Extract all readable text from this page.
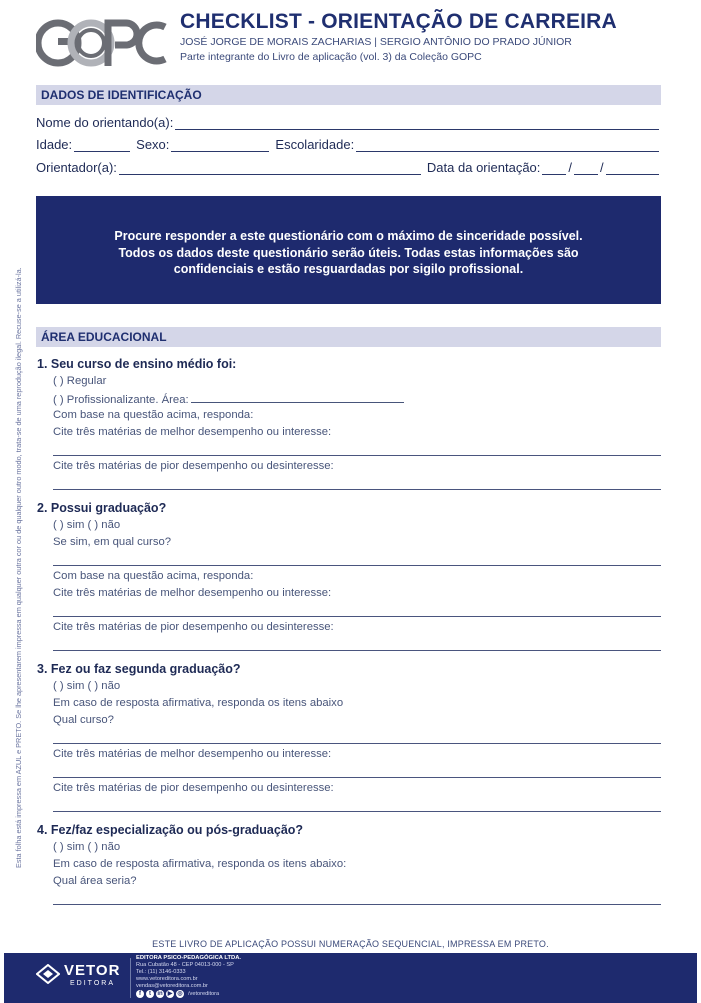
CHECKLIST - ORIENTAÇÃO DE CARREIRA
JOSÉ JORGE DE MORAIS ZACHARIAS | SERGIO ANTÔNIO DO PRADO JÚNIOR
Parte integrante do Livro de aplicação (vol. 3) da Coleção GOPC
DADOS DE IDENTIFICAÇÃO
Nome do orientando(a):
Idade:	Sexo:	Escolaridade:
Orientador(a):	Data da orientação: / /
Procure responder a este questionário com o máximo de sinceridade possível.
Todos os dados deste questionário serão úteis. Todas estas informações são
confidenciais e estão resguardadas por sigilo profissional.
ÁREA EDUCACIONAL
1. Seu curso de ensino médio foi:
( ) Regular
( ) Profissionalizante. Área:
Com base na questão acima, responda:
Cite três matérias de melhor desempenho ou interesse:
Cite três matérias de pior desempenho ou desinteresse:
2. Possui graduação?
( ) sim ( ) não
Se sim, em qual curso?
Com base na questão acima, responda:
Cite três matérias de melhor desempenho ou interesse:
Cite três matérias de pior desempenho ou desinteresse:
3. Fez ou faz segunda graduação?
( ) sim ( ) não
Em caso de resposta afirmativa, responda os itens abaixo
Qual curso?
Cite três matérias de melhor desempenho ou interesse:
Cite três matérias de pior desempenho ou desinteresse:
4. Fez/faz especialização ou pós-graduação?
( ) sim ( ) não
Em caso de resposta afirmativa, responda os itens abaixo:
Qual área seria?
Esta folha está impressa em AZUL e PRETO. Se lhe apresentarem impressa em qualquer outra cor ou de qualquer outro modo, trata-se de uma reprodução ilegal. Recuse-se a utilizá-la.
ESTE LIVRO DE APLICAÇÃO POSSUI NUMERAÇÃO SEQUENCIAL, IMPRESSA EM PRETO.
VETOR
EDITORA
EDITORA PSICO-PEDAGÓGICA LTDA.
Rua Cubatão 48 - CEP 04013-000 - SP
Tel.: (11) 3146-0333
www.vetoreditora.com.br
vendas@vetoreditora.com.br
f	t	in ▶ ◎ /vetoreditora
